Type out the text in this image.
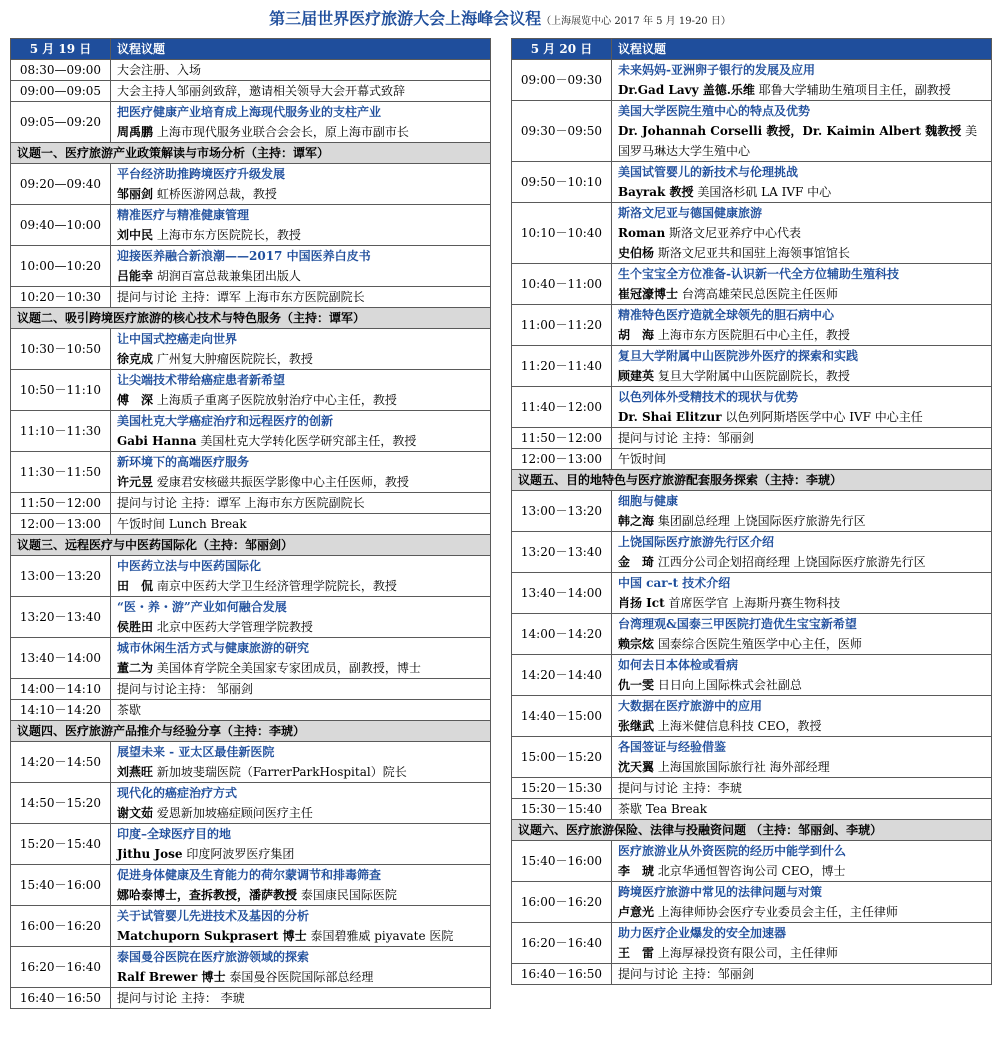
第三届世界医疗旅游大会上海峰会议程（上海展览中心 2017 年 5 月 19-20 日）
5 月 19 日	议程议题
08:30—09:00	大会注册、入场
09:00—09:05	大会主持人邹丽剑致辞，邀请相关领导大会开幕式致辞
09:05—09:20	把医疗健康产业培育成上海现代服务业的支柱产业
周禹鹏 上海市现代服务业联合会会长，原上海市副市长

议题一、医疗旅游产业政策解读与市场分析（主持：谭军）	
09:20—09:40	平台经济助推跨境医疗升级发展
邹丽剑 虹桥医游网总裁，教授

09:40—10:00	精准医疗与精准健康管理
刘中民 上海市东方医院院长，教授

10:00—10:20	迎接医养融合新浪潮——2017 中国医养白皮书
吕能幸 胡润百富总裁兼集团出版人

10:20－10:30	提问与讨论 主持：谭军 上海市东方医院副院长
议题二、吸引跨境医疗旅游的核心技术与特色服务（主持：谭军）	
10:30－10:50	让中国式控癌走向世界
徐克成 广州复大肿瘤医院院长，教授

10:50－11:10	让尖端技术带给癌症患者新希望
傅　深 上海质子重离子医院放射治疗中心主任，教授

11:10－11:30	美国杜克大学癌症治疗和远程医疗的创新
Gabi Hanna 美国杜克大学转化医学研究部主任，教授

11:30－11:50	新环境下的高端医疗服务
许元昱 爱康君安核磁共振医学影像中心主任医师，教授

11:50－12:00	提问与讨论 主持：谭军 上海市东方医院副院长
12:00－13:00	午饭时间 Lunch Break
议题三、远程医疗与中医药国际化（主持：邹丽剑）	
13:00－13:20	中医药立法与中医药国际化
田　侃 南京中医药大学卫生经济管理学院院长，教授

13:20－13:40	“医・养・游”产业如何融合发展
侯胜田 北京中医药大学管理学院教授

13:40－14:00	城市休闲生活方式与健康旅游的研究
董二为 美国体育学院全美国家专家团成员，副教授，博士

14:00－14:10	提问与讨论主持： 邹丽剑
14:10－14:20	茶歇
议题四、医疗旅游产品推介与经验分享（主持：李琥）	
14:20－14:50	展望未来 - 亚太区最佳新医院
刘燕旺 新加坡斐瑞医院（FarrerParkHospital）院长

14:50－15:20	现代化的癌症治疗方式
谢文茹 爱恩新加坡癌症顾问医疗主任

15:20－15:40	印度–全球医疗目的地
Jithu Jose 印度阿波罗医疗集团

15:40－16:00	促进身体健康及生育能力的荷尔蒙调节和排毒筛查
娜哈泰博士，查拆教授，潘萨教授 泰国康民国际医院

16:00－16:20	关于试管婴儿先进技术及基因的分析
Matchuporn Sukprasert 博士 泰国碧雅威 piyavate 医院

16:20－16:40	泰国曼谷医院在医疗旅游领域的探索
Ralf Brewer 博士 泰国曼谷医院国际部总经理

16:40－16:50	提问与讨论 主持： 李琥
5 月 20 日	议程议题
09:00－09:30	未来妈妈-亚洲卵子银行的发展及应用
Dr.Gad Lavy 盖德.乐维 耶鲁大学辅助生殖项目主任，副教授

09:30－09:50	美国大学医院生殖中心的特点及优势
Dr. Johannah Corselli 教授，Dr. Kaimin Albert 魏教授 美国罗马琳达大学生殖中心

09:50－10:10	美国试管婴儿的新技术与伦理挑战
Bayrak 教授 美国洛杉矶 LA IVF 中心

10:10－10:40	斯洛文尼亚与德国健康旅游
Roman 斯洛文尼亚养疗中心代表
史伯杨 斯洛文尼亚共和国驻上海领事馆馆长

10:40－11:00	生个宝宝全方位准备-认识新一代全方位辅助生殖科技
崔冠濠博士 台湾高雄荣民总医院主任医师

11:00－11:20	精准特色医疗造就全球领先的胆石病中心
胡　海 上海市东方医院胆石中心主任，教授

11:20－11:40	复旦大学附属中山医院涉外医疗的探索和实践
顾建英 复旦大学附属中山医院副院长，教授

11:40－12:00	以色列体外受精技术的现状与优势
Dr. Shai Elitzur 以色列阿斯塔医学中心 IVF 中心主任

11:50－12:00	提问与讨论 主持：邹丽剑
12:00－13:00	午饭时间
议题五、目的地特色与医疗旅游配套服务探索（主持：李琥）	
13:00－13:20	细胞与健康
韩之海 集团副总经理 上饶国际医疗旅游先行区

13:20－13:40	上饶国际医疗旅游先行区介绍
金　琦 江西分公司企划招商经理 上饶国际医疗旅游先行区

13:40－14:00	中国 car-t 技术介绍
肖扬 Ict 首席医学官 上海斯丹赛生物科技

14:00－14:20	台湾理观&国泰三甲医院打造优生宝宝新希望
赖宗炫 国泰综合医院生殖医学中心主任，医师

14:20－14:40	如何去日本体检或看病
仇一雯 日日向上国际株式会社副总

14:40－15:00	大数据在医疗旅游中的应用
张继武 上海米健信息科技 CEO，教授

15:00－15:20	各国签证与经验借鉴
沈天翼 上海国旅国际旅行社 海外部经理

15:20－15:30	提问与讨论 主持：李琥
15:30－15:40	茶歇 Tea Break
议题六、医疗旅游保险、法律与投融资问题 （主持：邹丽剑、李琥）	
15:40－16:00	医疗旅游业从外资医院的经历中能学到什么
李　琥 北京华通恒智咨询公司 CEO，博士

16:00－16:20	跨境医疗旅游中常见的法律问题与对策
卢意光 上海律师协会医疗专业委员会主任，主任律师

16:20－16:40	助力医疗企业爆发的安全加速器
王　雷 上海厚禄投资有限公司，主任律师

16:40－16:50	提问与讨论 主持：邹丽剑
